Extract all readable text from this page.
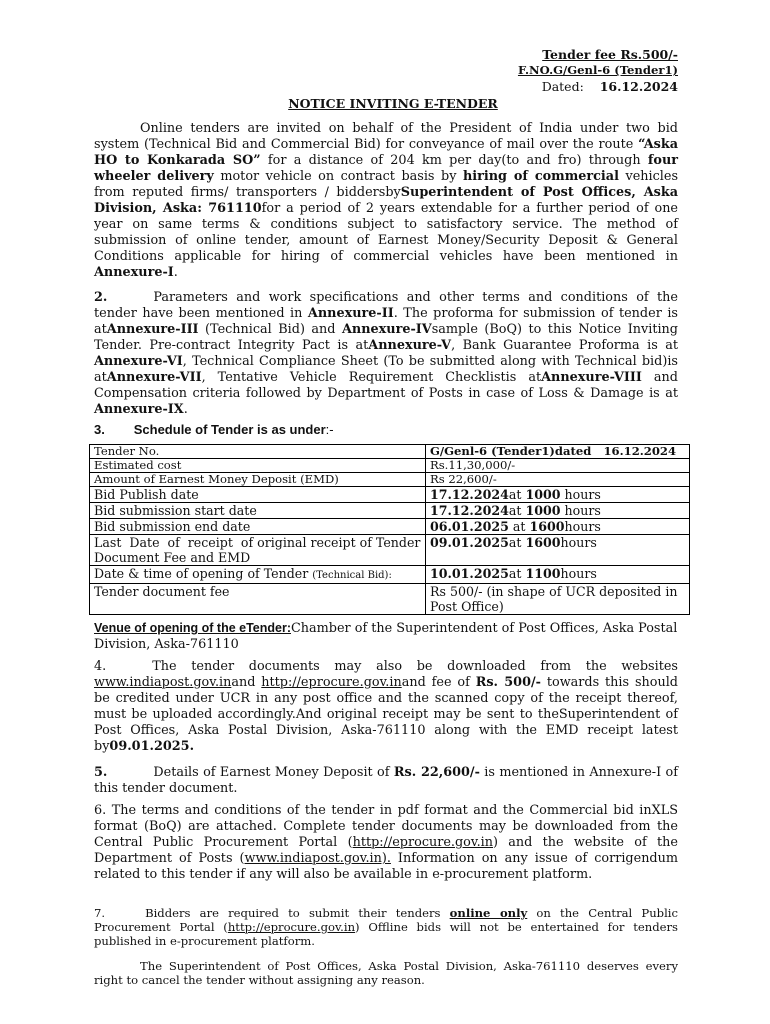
Tender fee Rs.500/-
F.NO.G/Genl-6 (Tender1)
Dated: 16.12.2024
NOTICE INVITING E-TENDER
Online tenders are invited on behalf of the President of India under two bid system (Technical Bid and Commercial Bid) for conveyance of mail over the route “Aska HO to Konkarada SO” for a distance of 204 km per day(to and fro) through four wheeler delivery motor vehicle on contract basis by hiring of commercial vehicles from reputed firms/ transporters / biddersbySuperintendent of Post Offices, Aska Division, Aska: 761110for a period of 2 years extendable for a further period of one year on same terms & conditions subject to satisfactory service. The method of submission of online tender, amount of Earnest Money/Security Deposit & General Conditions applicable for hiring of commercial vehicles have been mentioned in Annexure-I.
2.	Parameters and work specifications and other terms and conditions of the tender have been mentioned in Annexure-II. The proforma for submission of tender is atAnnexure-III (Technical Bid) and Annexure-IVsample (BoQ) to this Notice Inviting Tender. Pre-contract Integrity Pact is atAnnexure-V, Bank Guarantee Proforma is at Annexure-VI, Technical Compliance Sheet (To be submitted along with Technical bid)is atAnnexure-VII, Tentative Vehicle Requirement Checklistis atAnnexure-VIII and Compensation criteria followed by Department of Posts in case of Loss & Damage is at Annexure-IX.
3.        Schedule of Tender is as under:-
Tender No.	G/Genl-6 (Tender1)dated   16.12.2024
Estimated cost	Rs.11,30,000/-
Amount of Earnest Money Deposit (EMD)	Rs 22,600/-
Bid Publish date	17.12.2024at 1000 hours
Bid submission start date	17.12.2024at 1000 hours
Bid submission end date	06.01.2025 at 1600hours
Last  Date  of  receipt  of original receipt of Tender Document Fee and EMD	09.01.2025at 1600hours
Date & time of opening of Tender (Technical Bid):	10.01.2025at 1100hours
Tender document fee	Rs 500/- (in shape of UCR deposited in Post Office)
Venue of opening of the eTender:Chamber of the Superintendent of Post Offices, Aska Postal Division, Aska-761110
4.	The tender documents may also be downloaded from the websites www.indiapost.gov.inand http://eprocure.gov.inand fee of Rs. 500/- towards this should be credited under UCR in any post office and the scanned copy of the receipt thereof, must be uploaded accordingly.And original receipt may be sent to theSuperintendent of Post Offices, Aska Postal Division, Aska-761110 along with the EMD receipt latest by09.01.2025.
5.	Details of Earnest Money Deposit of Rs. 22,600/- is mentioned in Annexure-I of this tender document.
6. The terms and conditions of the tender in pdf format and the Commercial bid inXLS format (BoQ) are attached. Complete tender documents may be downloaded from the Central Public Procurement Portal (http://eprocure.gov.in) and the website of the Department of Posts (www.indiapost.gov.in). Information on any issue of corrigendum related to this tender if any will also be available in e-procurement platform.
7.	Bidders are required to submit their tenders online only on the Central Public Procurement Portal (http://eprocure.gov.in) Offline bids will not be entertained for tenders published in e-procurement platform.
The Superintendent of Post Offices, Aska Postal Division, Aska-761110 deserves every right to cancel the tender without assigning any reason.
